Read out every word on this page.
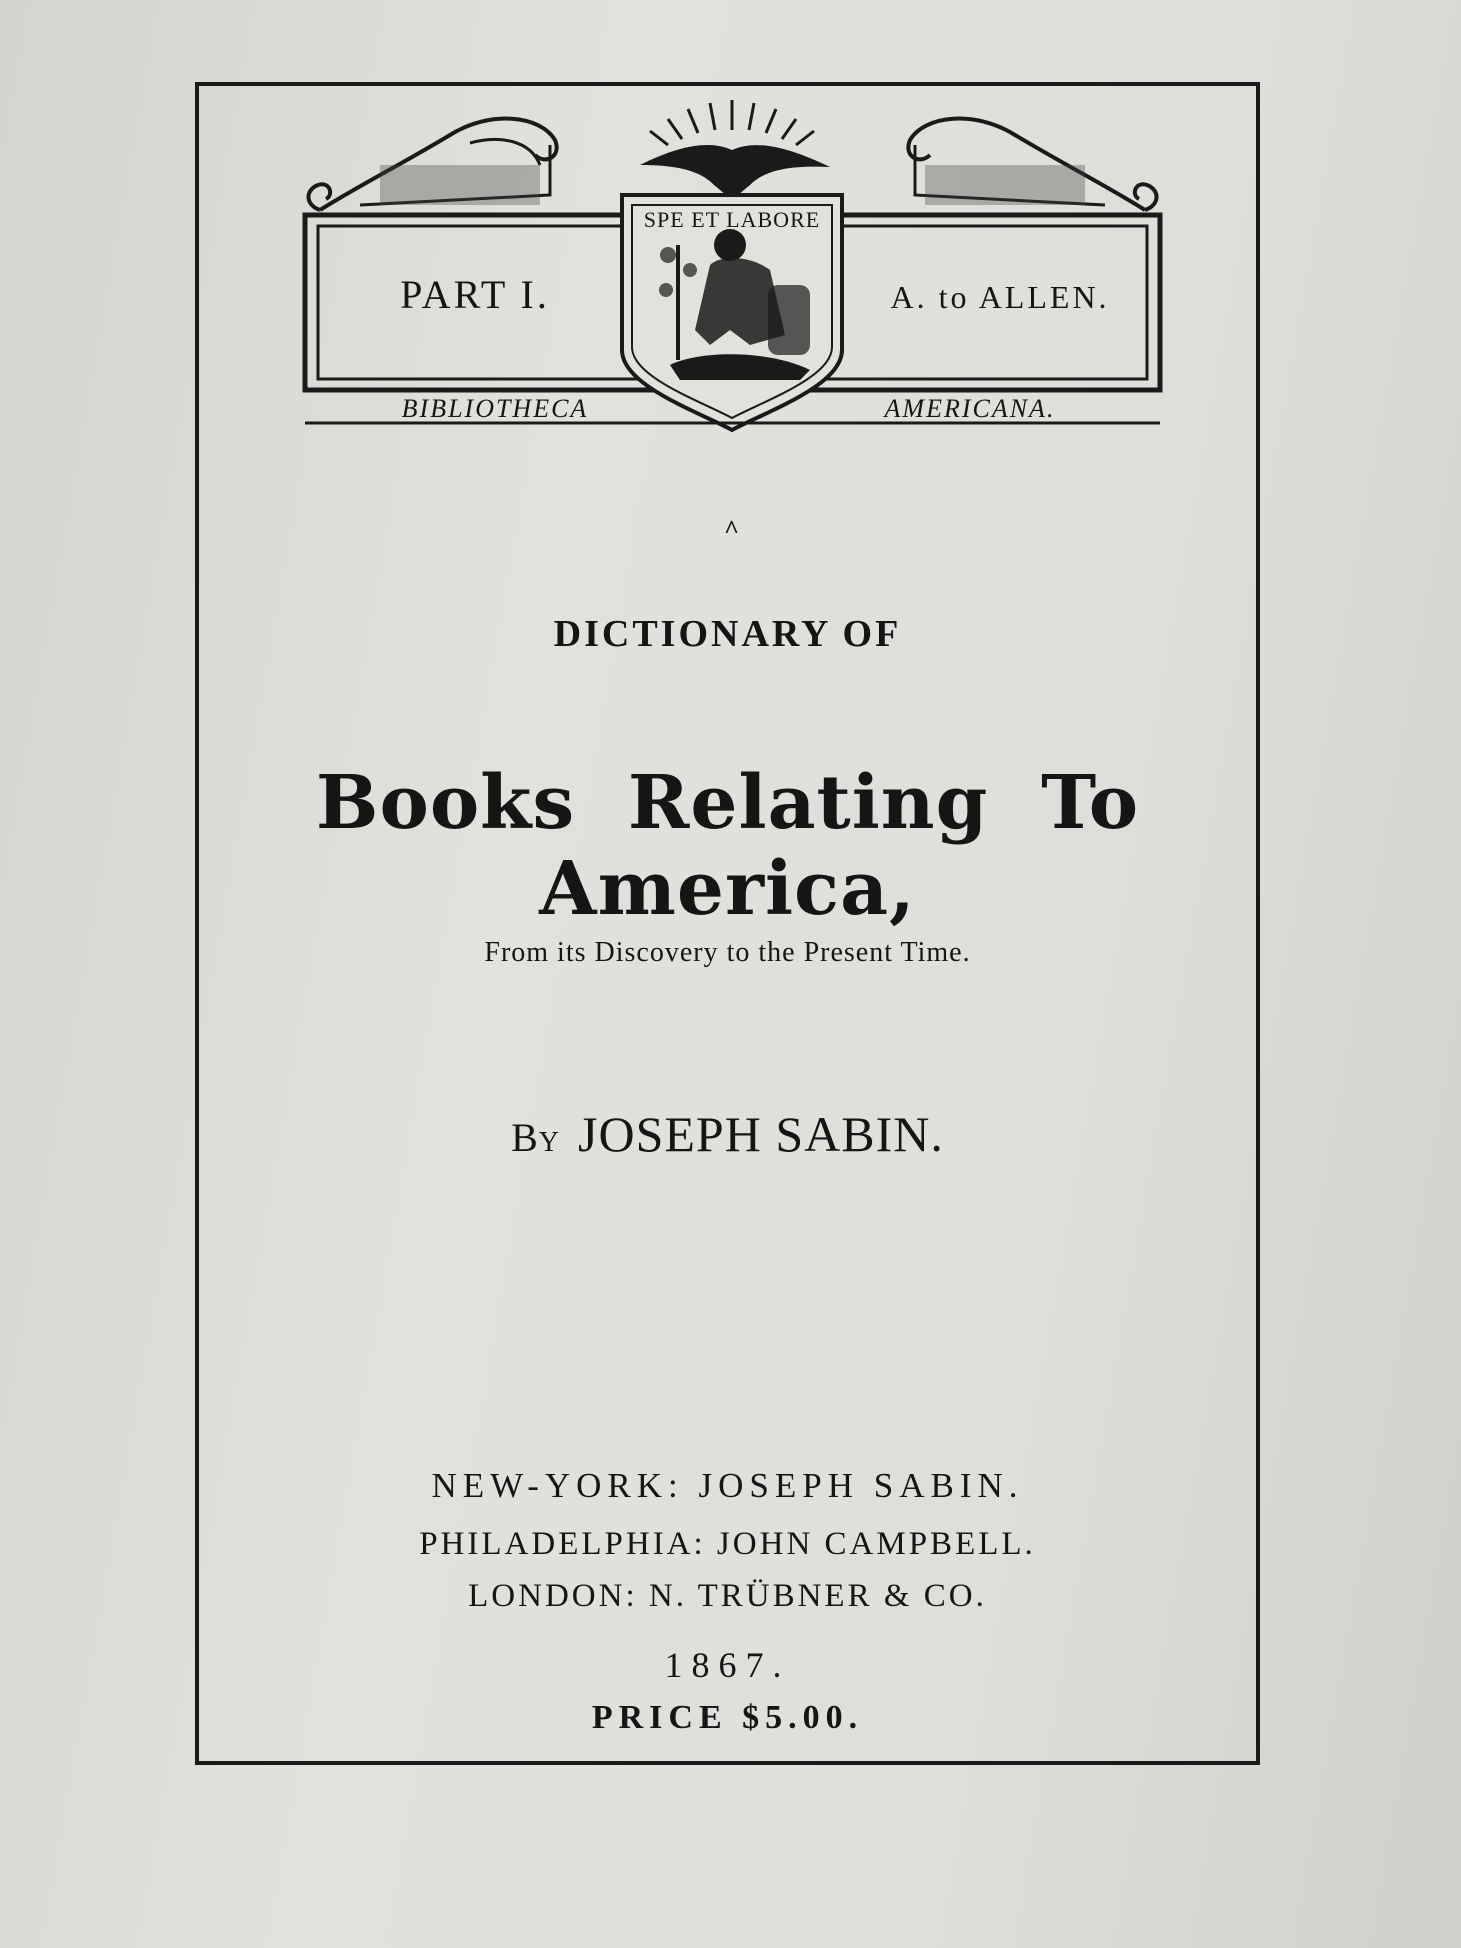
SPE ET LABORE
PART I.	A. to ALLEN.
BIBLIOTHECA	AMERICANA.
^
DICTIONARY OF
Books Relating To America,
From its Discovery to the Present Time.
By JOSEPH SABIN.
NEW-YORK: JOSEPH SABIN.
PHILADELPHIA: JOHN CAMPBELL.
LONDON: N. TRÜBNER & CO.
1867.
PRICE $5.00.
